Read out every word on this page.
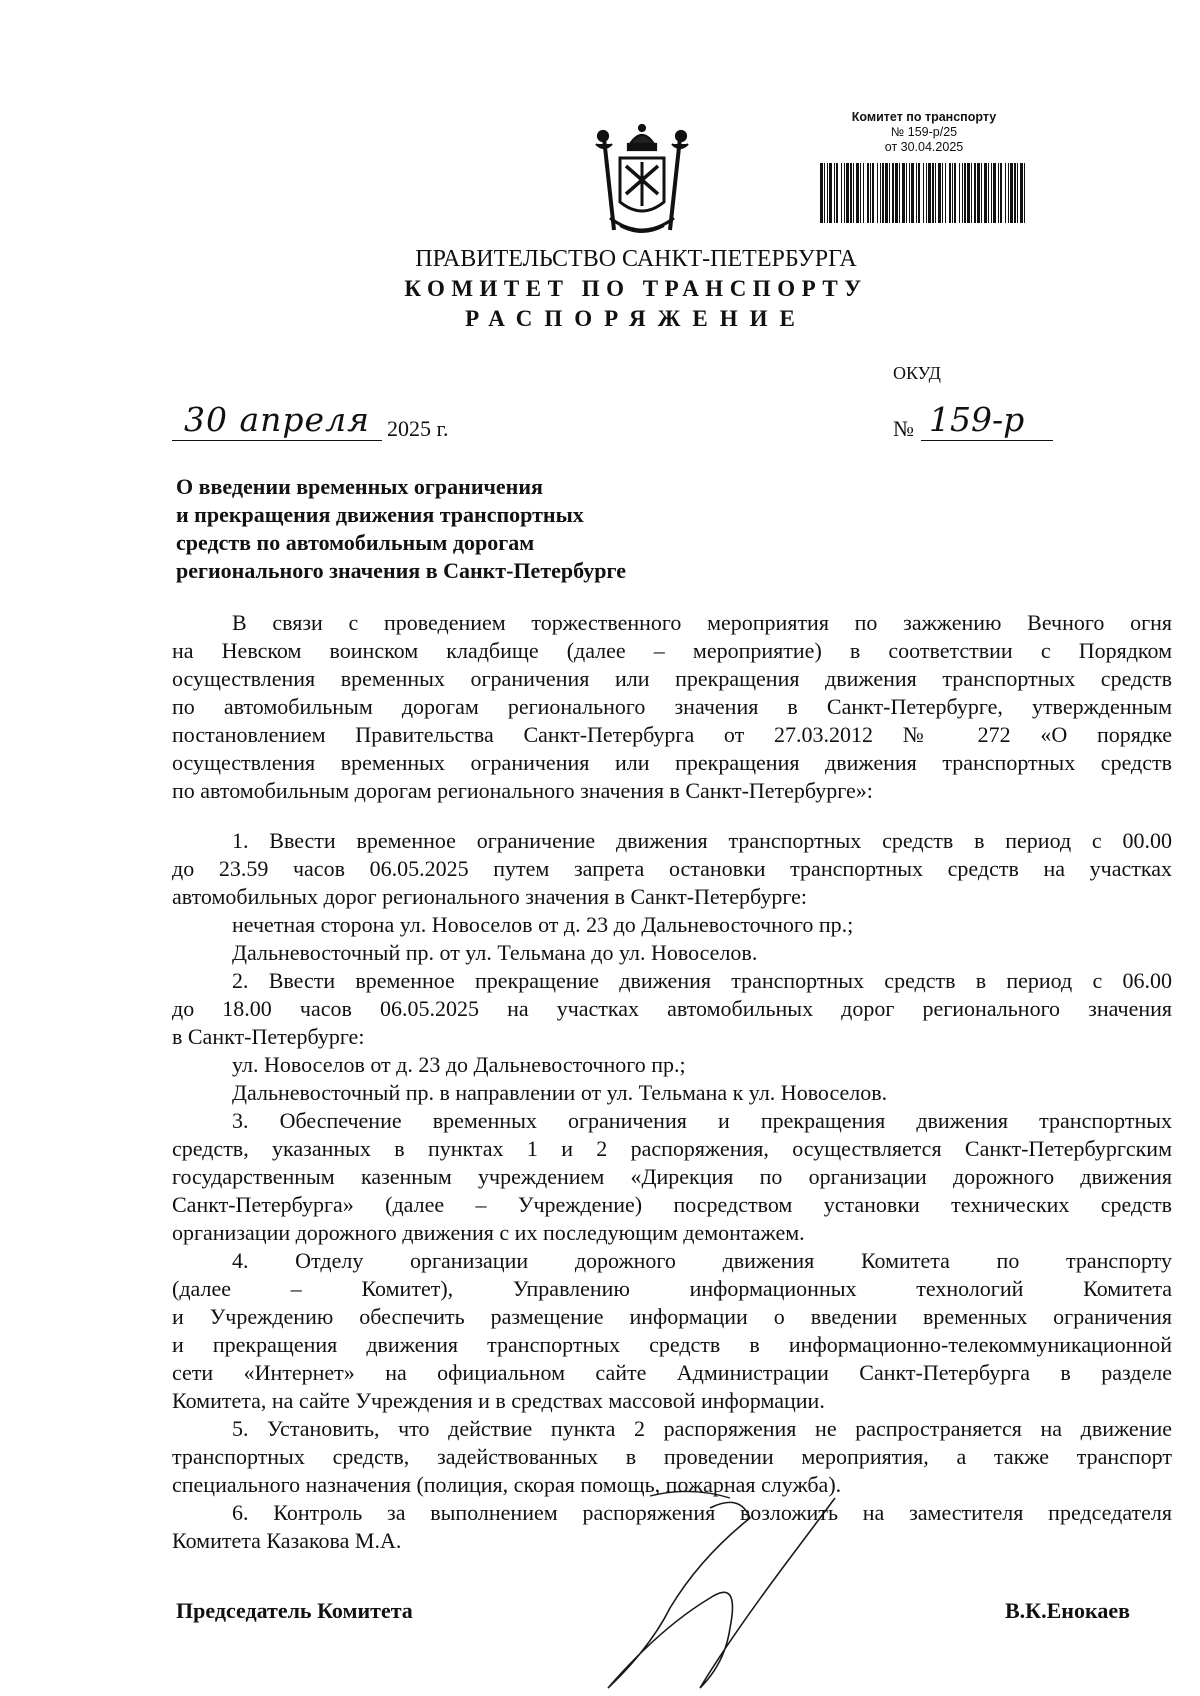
Комитет по транспорту
№ 159-р/25
от 30.04.2025
ПРАВИТЕЛЬСТВО САНКТ-ПЕТЕРБУРГА
КОМИТЕТ ПО ТРАНСПОРТУ
РАСПОРЯЖЕНИЕ
ОКУД
30 апреля 2025 г.	№ 159-р
О введении временных ограничения
и прекращения движения транспортных
средств по автомобильным дорогам
регионального значения в Санкт-Петербурге
В связи с проведением торжественного мероприятия по зажжению Вечного огня
на Невском воинском кладбище (далее – мероприятие) в соответствии с Порядком
осуществления временных ограничения или прекращения движения транспортных средств
по автомобильным дорогам регионального значения в Санкт-Петербурге, утвержденным
постановлением Правительства Санкт-Петербурга от 27.03.2012 № 272 «О порядке
осуществления временных ограничения или прекращения движения транспортных средств
по автомобильным дорогам регионального значения в Санкт-Петербурге»:
1. Ввести временное ограничение движения транспортных средств в период с 00.00
до 23.59 часов 06.05.2025 путем запрета остановки транспортных средств на участках
автомобильных дорог регионального значения в Санкт-Петербурге:
нечетная сторона ул. Новоселов от д. 23 до Дальневосточного пр.;
Дальневосточный пр. от ул. Тельмана до ул. Новоселов.
2. Ввести временное прекращение движения транспортных средств в период с 06.00
до 18.00 часов 06.05.2025 на участках автомобильных дорог регионального значения
в Санкт-Петербурге:
ул. Новоселов от д. 23 до Дальневосточного пр.;
Дальневосточный пр. в направлении от ул. Тельмана к ул. Новоселов.
3. Обеспечение временных ограничения и прекращения движения транспортных
средств, указанных в пунктах 1 и 2 распоряжения, осуществляется Санкт-Петербургским
государственным казенным учреждением «Дирекция по организации дорожного движения
Санкт-Петербурга» (далее – Учреждение) посредством установки технических средств
организации дорожного движения с их последующим демонтажем.
4. Отделу организации дорожного движения Комитета по транспорту
(далее – Комитет), Управлению информационных технологий Комитета
и Учреждению обеспечить размещение информации о введении временных ограничения
и прекращения движения транспортных средств в информационно-телекоммуникационной
сети «Интернет» на официальном сайте Администрации Санкт-Петербурга в разделе
Комитета, на сайте Учреждения и в средствах массовой информации.
5. Установить, что действие пункта 2 распоряжения не распространяется на движение
транспортных средств, задействованных в проведении мероприятия, а также транспорт
специального назначения (полиция, скорая помощь, пожарная служба).
6. Контроль за выполнением распоряжения возложить на заместителя председателя
Комитета Казакова М.А.
Председатель Комитета	В.К.Енокаев
